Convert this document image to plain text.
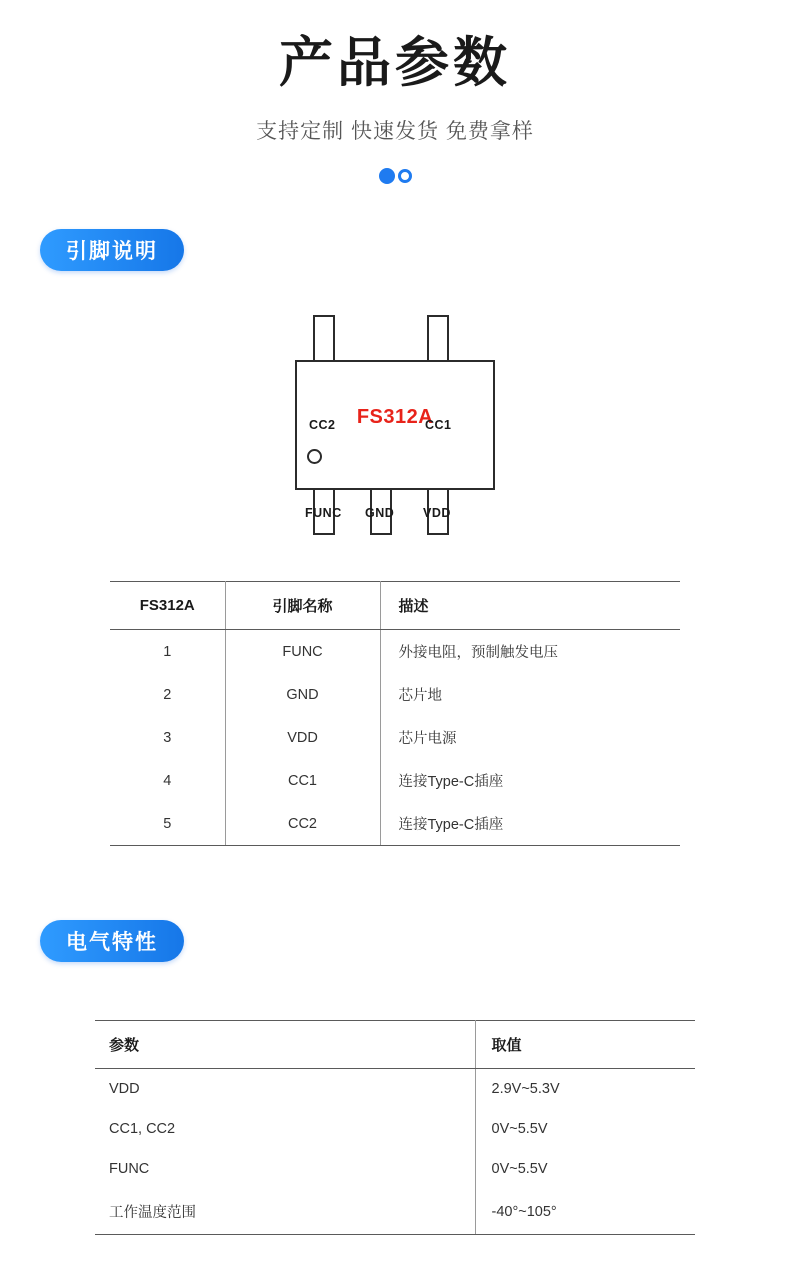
产品参数
支持定制 快速发货 免费拿样
引脚说明
FS312A
CC2	CC1
FUNC GND VDD
FS312A	引脚名称	描述
1	FUNC	外接电阻，预制触发电压
2	GND	芯片地
3	VDD	芯片电源
4	CC1	连接Type-C插座
5	CC2	连接Type-C插座
电气特性
参数	取值
VDD	2.9V~5.3V
CC1, CC2	0V~5.5V
FUNC	0V~5.5V
工作温度范围	-40°~105°
